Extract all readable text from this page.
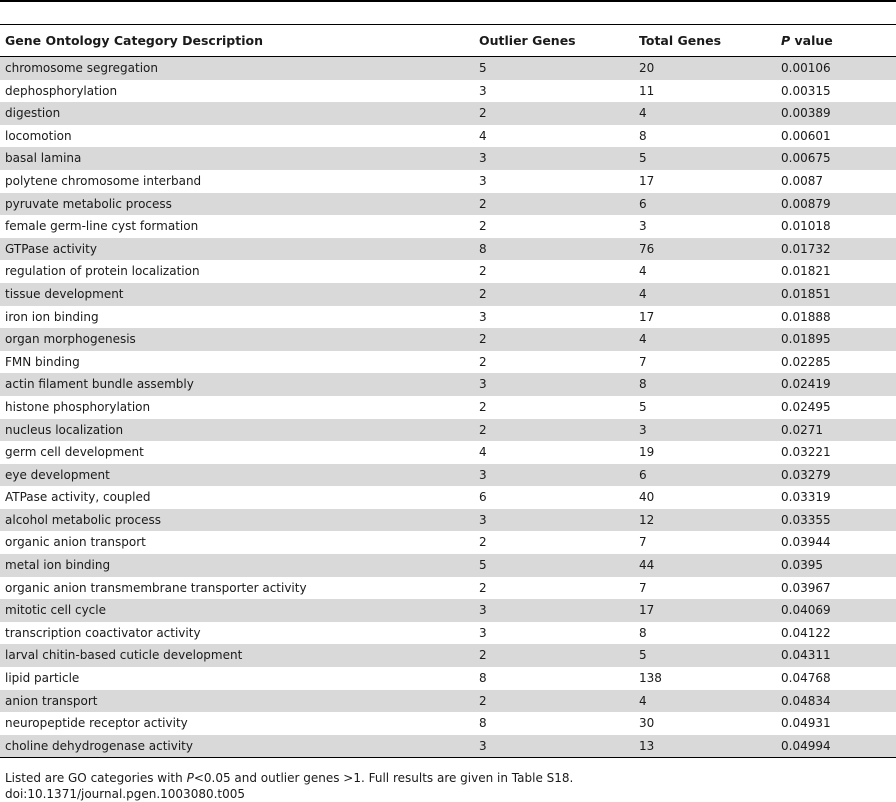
Gene Ontology Category Description	Outlier Genes	Total Genes	P value
chromosome segregation	5	20	0.00106
dephosphorylation	3	11	0.00315
digestion	2	4	0.00389
locomotion	4	8	0.00601
basal lamina	3	5	0.00675
polytene chromosome interband	3	17	0.0087
pyruvate metabolic process	2	6	0.00879
female germ-line cyst formation	2	3	0.01018
GTPase activity	8	76	0.01732
regulation of protein localization	2	4	0.01821
tissue development	2	4	0.01851
iron ion binding	3	17	0.01888
organ morphogenesis	2	4	0.01895
FMN binding	2	7	0.02285
actin filament bundle assembly	3	8	0.02419
histone phosphorylation	2	5	0.02495
nucleus localization	2	3	0.0271
germ cell development	4	19	0.03221
eye development	3	6	0.03279
ATPase activity, coupled	6	40	0.03319
alcohol metabolic process	3	12	0.03355
organic anion transport	2	7	0.03944
metal ion binding	5	44	0.0395
organic anion transmembrane transporter activity	2	7	0.03967
mitotic cell cycle	3	17	0.04069
transcription coactivator activity	3	8	0.04122
larval chitin-based cuticle development	2	5	0.04311
lipid particle	8	138	0.04768
anion transport	2	4	0.04834
neuropeptide receptor activity	8	30	0.04931
choline dehydrogenase activity	3	13	0.04994
Listed are GO categories with P<0.05 and outlier genes >1. Full results are given in Table S18.
doi:10.1371/journal.pgen.1003080.t005
